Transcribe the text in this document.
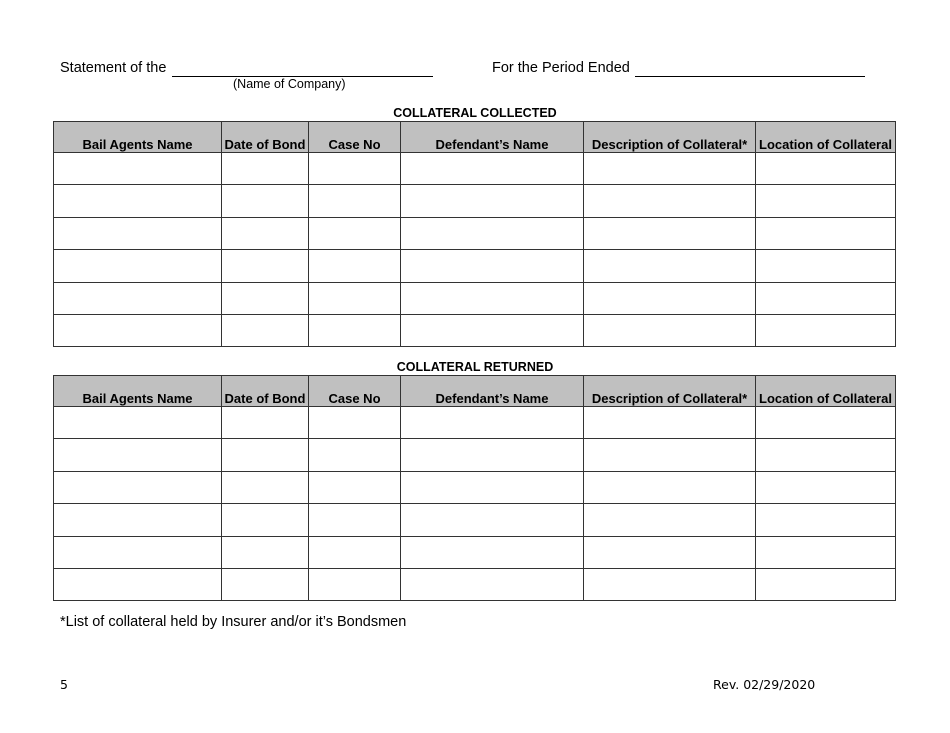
Statement of the
(Name of Company)
For the Period Ended
COLLATERAL COLLECTED
Bail Agents Name	Date of Bond	Case No	Defendant’s Name	Description of Collateral*	Location of Collateral

COLLATERAL RETURNED
Bail Agents Name	Date of Bond	Case No	Defendant’s Name	Description of Collateral*	Location of Collateral

*List of collateral held by Insurer and/or it’s Bondsmen
5	Rev. 02/29/2020
